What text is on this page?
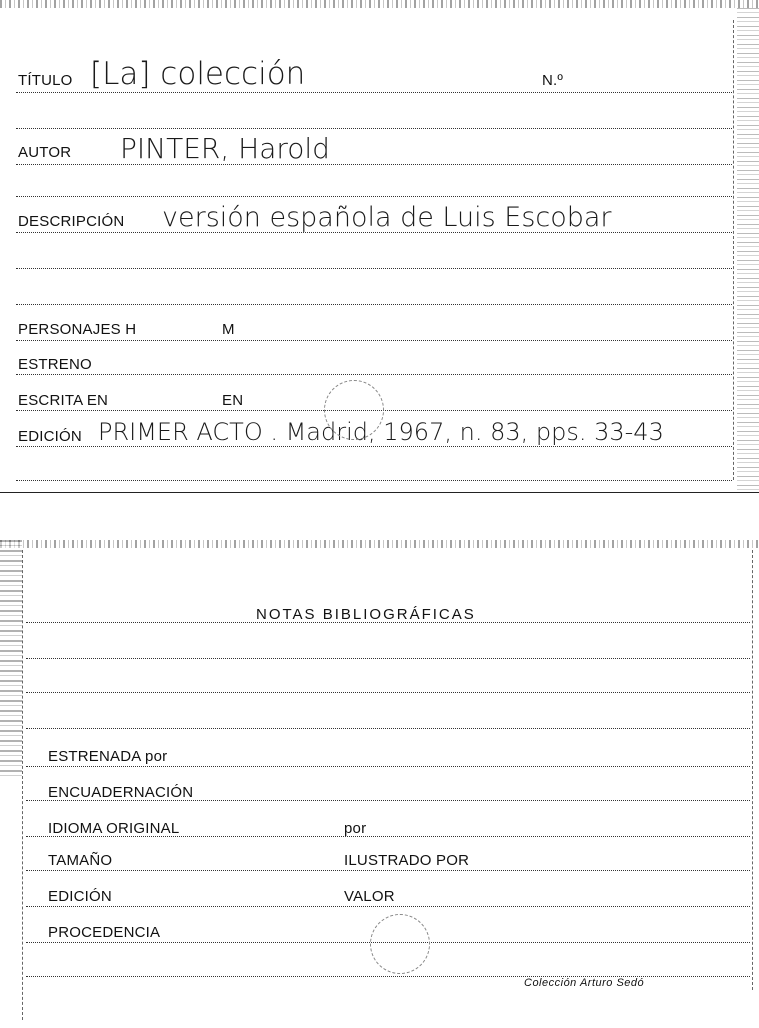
TÍTULO [La] colección	N.º
AUTOR PINTER, Harold
DESCRIPCIÓN versión española de Luis Escobar
PERSONAJES H	M
ESTRENO
ESCRITA EN	EN
EDICIÓN PRIMER ACTO . Madrid, 1967, n. 83, pps. 33-43
NOTAS BIBLIOGRÁFICAS
ESTRENADA por
ENCUADERNACIÓN
IDIOMA ORIGINAL	por
TAMAÑO	ILUSTRADO POR
EDICIÓN	VALOR
PROCEDENCIA
Colección Arturo Sedó
